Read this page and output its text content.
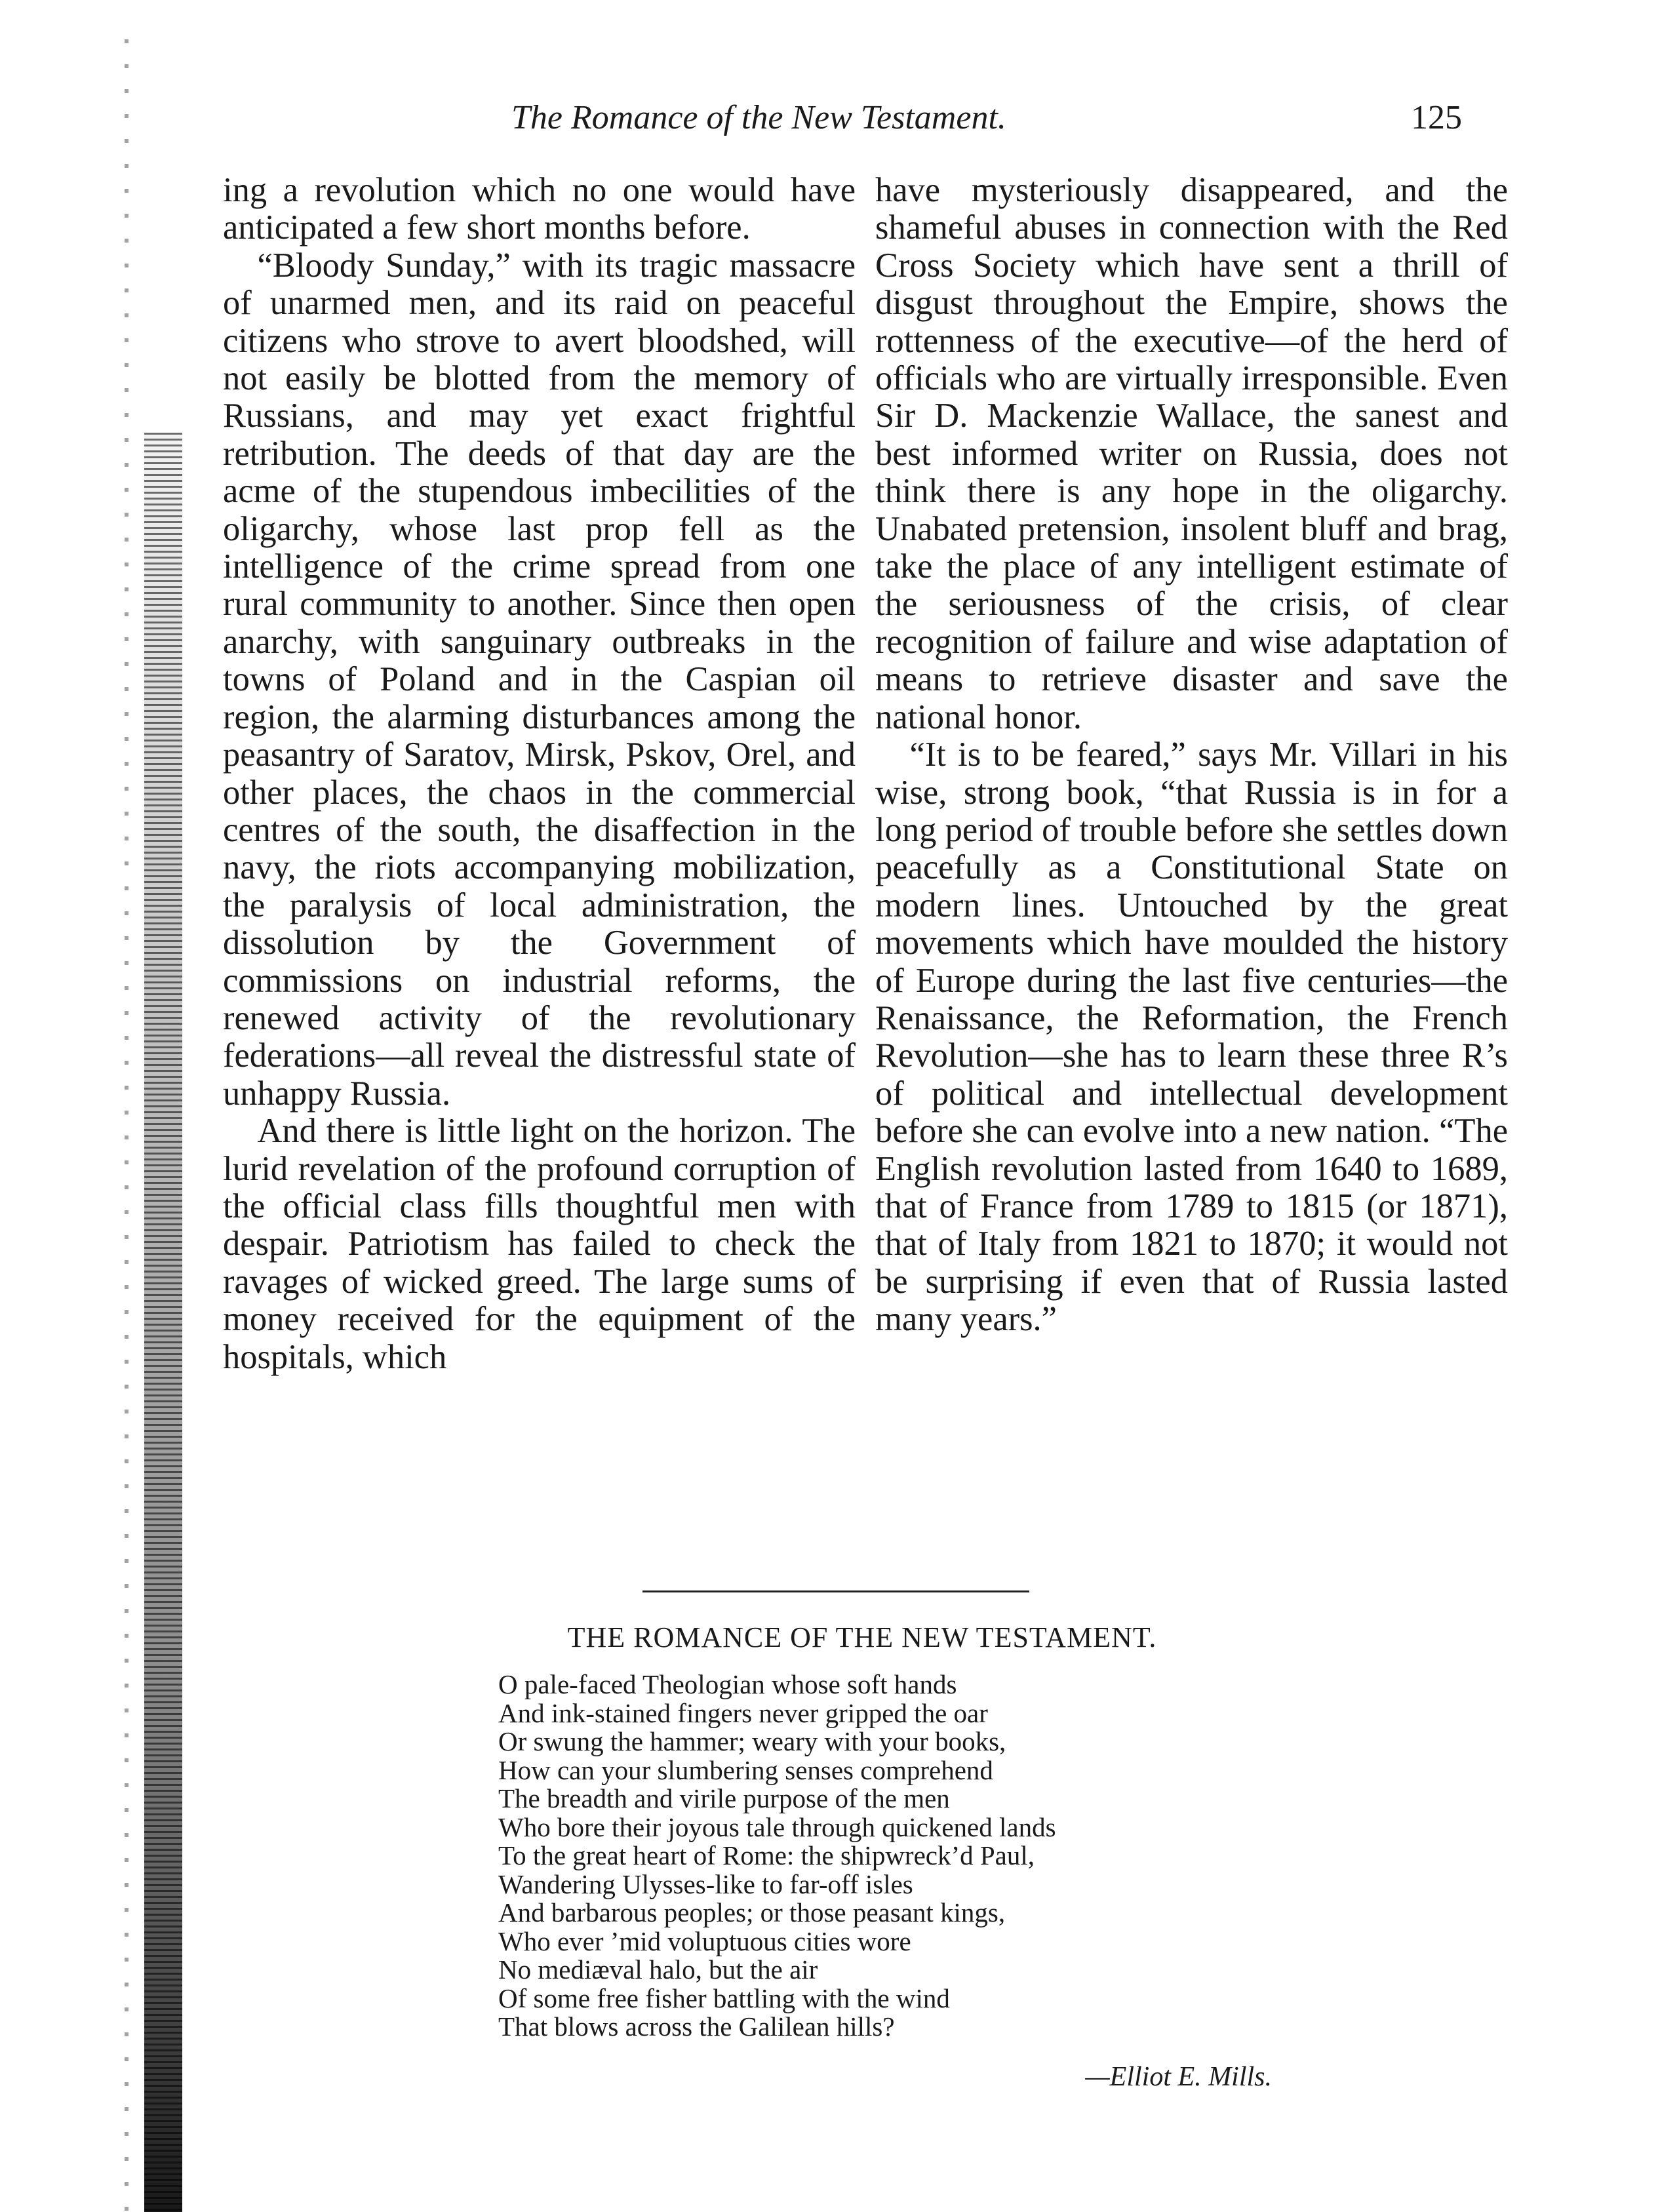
The Romance of the New Testament.	125

ing a revolution which no one would have anticipated a few short months before.

“Bloody Sunday,” with its tragic massacre of unarmed men, and its raid on peaceful citizens who strove to avert bloodshed, will not easily be blotted from the memory of Russians, and may yet exact frightful retribution. The deeds of that day are the acme of the stupendous imbecilities of the oligarchy, whose last prop fell as the intelligence of the crime spread from one rural community to another. Since then open anarchy, with sanguinary outbreaks in the towns of Poland and in the Caspian oil region, the alarming disturbances among the peasantry of Saratov, Mirsk, Pskov, Orel, and other places, the chaos in the commercial centres of the south, the disaffection in the navy, the riots accompanying mobilization, the paralysis of local administration, the dissolution by the Government of commissions on industrial reforms, the renewed activity of the revolutionary federations—all reveal the distressful state of unhappy Russia.

And there is little light on the horizon. The lurid revelation of the profound corruption of the official class fills thoughtful men with despair. Patriotism has failed to check the ravages of wicked greed. The large sums of money received for the equipment of the hospitals, which

have mysteriously disappeared, and the shameful abuses in connection with the Red Cross Society which have sent a thrill of disgust throughout the Empire, shows the rottenness of the executive—of the herd of officials who are virtually irresponsible. Even Sir D. Mackenzie Wallace, the sanest and best informed writer on Russia, does not think there is any hope in the oligarchy. Unabated pretension, insolent bluff and brag, take the place of any intelligent estimate of the seriousness of the crisis, of clear recognition of failure and wise adaptation of means to retrieve disaster and save the national honor.

“It is to be feared,” says Mr. Villari in his wise, strong book, “that Russia is in for a long period of trouble before she settles down peacefully as a Constitutional State on modern lines. Untouched by the great movements which have moulded the history of Europe during the last five centuries—the Renaissance, the Reformation, the French Revolution—she has to learn these three R’s of political and intellectual development before she can evolve into a new nation. “The English revolution lasted from 1640 to 1689, that of France from 1789 to 1815 (or 1871), that of Italy from 1821 to 1870; it would not be surprising if even that of Russia lasted many years.”

THE ROMANCE OF THE NEW TESTAMENT.
O pale-faced Theologian whose soft hands
And ink-stained fingers never gripped the oar
Or swung the hammer; weary with your books,
How can your slumbering senses comprehend
The breadth and virile purpose of the men
Who bore their joyous tale through quickened lands
To the great heart of Rome: the shipwreck’d Paul,
Wandering Ulysses-like to far-off isles
And barbarous peoples; or those peasant kings,
Who ever ’mid voluptuous cities wore
No mediæval halo, but the air
Of some free fisher battling with the wind
That blows across the Galilean hills?
—Elliot E. Mills.
